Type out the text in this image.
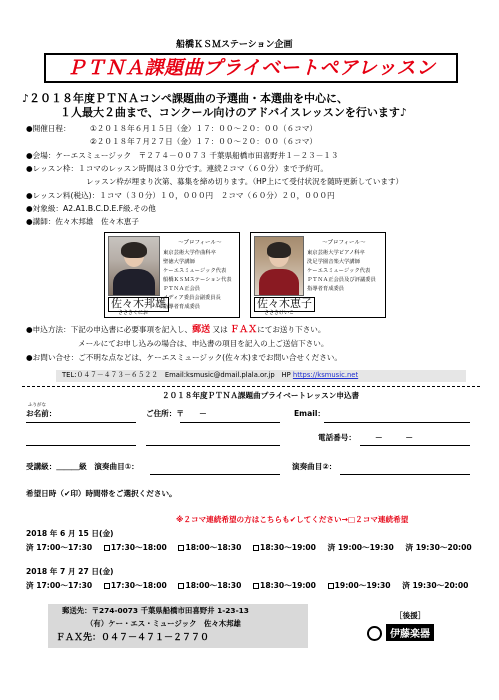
船橋ＫＳＭステーション企画
ＰＴＮＡ課題曲プライベートペアレッスン
♪２０１８年度ＰＴＮＡコンペ課題曲の予選曲・本選曲を中心に、
１人最大２曲まで、コンクール向けのアドバイスレッスンを行います♪
●開催日程：	①２０１８年６月１５日（金）１７：００～２０：００（６コマ）
②２０１８年７月２７日（金）１７：００～２０：００（６コマ）
●会場：ケーエスミュージック　〒２７４－００７３ 千葉県船橋市田喜野井１－２３－１３
●レッスン枠：１コマのレッスン時間は３０分です。連続２コマ（６０分）まで予約可。
レッスン枠が埋まり次第、募集を締め切ります。（HP上にて受付状況を随時更新しています）
●レッスン料(税込)：１コマ（３０分）１０，０００円　２コマ（６０分）２０，０００円
●対象級：A2.A1.B.C.D.E.F級.その他
●講師：佐々木邦雄　佐々木恵子
佐々木邦雄
ささきくにお
～プロフィール～
東京芸術大学作曲科卒
聖徳大学講師
ケーエスミュージック代表
船橋ＫＳＭステーション代表
ＰＴＮＡ正会員
メディア委員会副委員長
指導者育成委員	佐々木恵子
ささきけいこ
～プロフィール～
東京芸術大学ピアノ科卒
洗足学園音楽大学講師
ケーエスミュージック代表
ＰＴＮＡ正会員及び評議委員
指導者育成委員
●申込方法：下記の申込書に必要事項を記入し、郵送 又は ＦＡＸにてお送り下さい。
メールにてお申し込みの場合は、申込書の項目を記入の上ご送信下さい。
●お問い合せ：ご不明な点などは、ケーエスミュージック(佐々木)までお問い合せください。
TEL:０４７－４７３－６５２２　Email:ksmusic@dmail.plala.or.jp　HP https://ksmusic.net
２０１８年度ＰＴＮＡ課題曲プライベートレッスン申込書
ふりがな
お名前：	ご住所：〒　　－	Email：
電話番号：　　　－　　　－
受講級：＿＿＿級　演奏曲目①：	演奏曲目②：
希望日時（✔印）時間帯をご選択ください。
※２コマ連続希望の方はこちらも✔してください→□２コマ連続希望
2018 年 6 月 15 日(金)
済 17:00～17:30 17:30～18:00 18:00～18:30 18:30～19:00 済 19:00～19:30 済 19:30～20:00
2018 年 7 月 27 日(金)
済 17:00～17:30 17:30～18:00 18:00～18:30 18:30～19:00 19:00～19:30 済 19:30～20:00
郵送先：〒274-0073 千葉県船橋市田喜野井 1-23-13
（有）ケー・エス・ミュージック　佐々木邦雄
ＦＡＸ先：０４７－４７１－２７７０
［後援］
伊藤楽器
